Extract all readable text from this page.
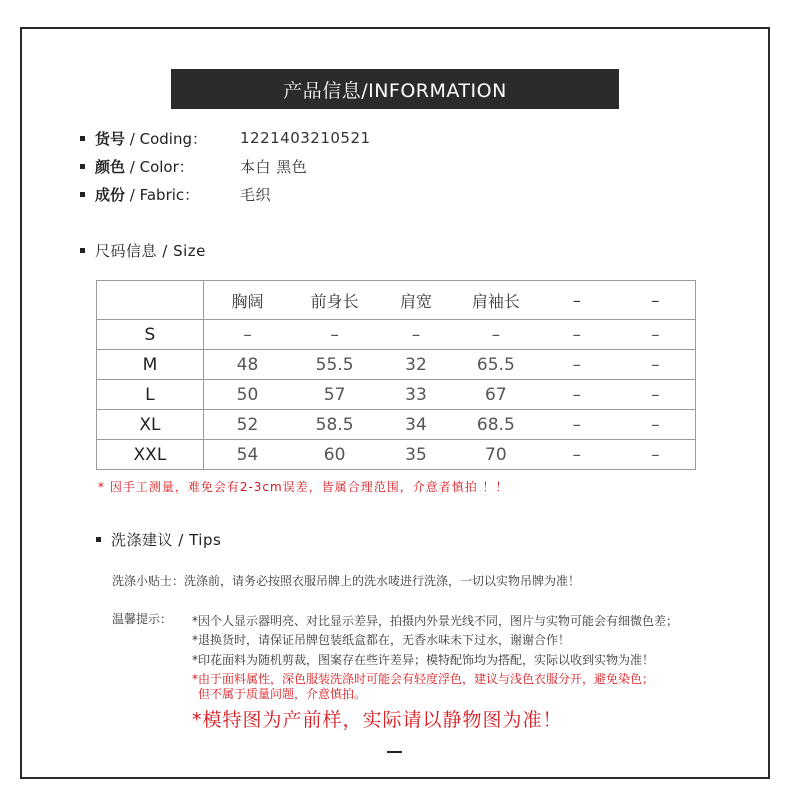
产品信息/INFORMATION
货号 / Coding： 1221403210521
颜色 / Color：	本白 黑色
成份 / Fabric：	毛织
尺码信息 / Size
	胸阔	前身长	肩宽	肩袖长	–	–
S	–	–	–	–	–	–
M	48	55.5	32	65.5	–	–
L	50	57	33	67	–	–
XL	52	58.5	34	68.5	–	–
XXL	54	60	35	70	–	–
* 因手工测量，难免会有2-3cm误差，皆属合理范围，介意者慎拍 ！！
洗涤建议 / Tips
洗涤小贴士：洗涤前，请务必按照衣服吊牌上的洗水唛进行洗涤，一切以实物吊牌为准！
温馨提示： *因个人显示器明亮、对比显示差异，拍摄内外景光线不同，图片与实物可能会有细微色差；
*退换货时，请保证吊牌包装纸盒都在，无香水味未下过水，谢谢合作！
*印花面料为随机剪裁，图案存在些许差异；模特配饰均为搭配，实际以收到实物为准！
*由于面料属性，深色服装洗涤时可能会有轻度浮色，建议与浅色衣服分开，避免染色；
但不属于质量问题，介意慎拍。
*模特图为产前样，实际请以静物图为准！
